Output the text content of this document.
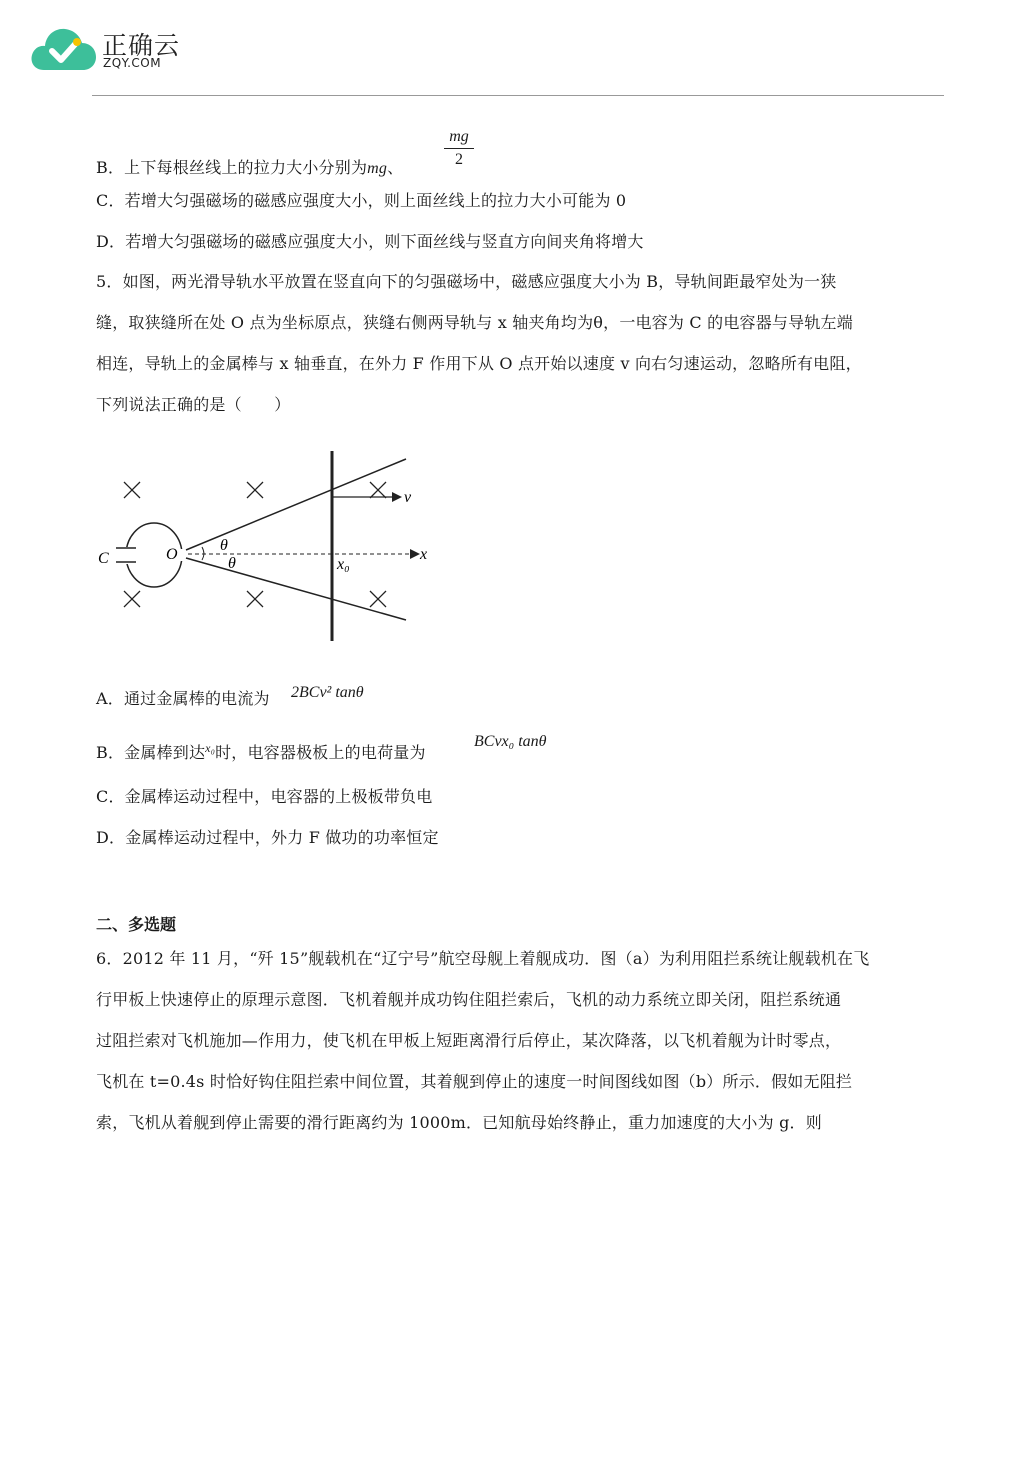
正确云
ZQY.COM
B．上下每根丝线上的拉力大小分别为mg、
mg
2
C．若增大匀强磁场的磁感应强度大小，则上面丝线上的拉力大小可能为 0
D．若增大匀强磁场的磁感应强度大小，则下面丝线与竖直方向间夹角将增大
5．如图，两光滑导轨水平放置在竖直向下的匀强磁场中，磁感应强度大小为 B，导轨间距最窄处为一狭
缝，取狭缝所在处 O 点为坐标原点，狭缝右侧两导轨与 x 轴夹角均为θ，一电容为 C 的电容器与导轨左端
相连，导轨上的金属棒与 x 轴垂直，在外力 F 作用下从 O 点开始以速度 v 向右匀速运动，忽略所有电阻，
下列说法正确的是（　　）
C	O	x
θ
θ	x₀
v
A．通过金属棒的电流为 2BCv² tanθ
B．金属棒到达$^{x_0}$时，电容器极板上的电荷量为
BCvx₀ tanθ
C．金属棒运动过程中，电容器的上极板带负电
D．金属棒运动过程中，外力 F 做功的功率恒定
二、多选题
6．2012 年 11 月，“歼 15”舰载机在“辽宁号”航空母舰上着舰成功．图（a）为利用阻拦系统让舰载机在飞
行甲板上快速停止的原理示意图．飞机着舰并成功钩住阻拦索后，飞机的动力系统立即关闭，阻拦系统通
过阻拦索对飞机施加—作用力，使飞机在甲板上短距离滑行后停止，某次降落，以飞机着舰为计时零点，
飞机在 t=0.4s 时恰好钩住阻拦索中间位置，其着舰到停止的速度一时间图线如图（b）所示．假如无阻拦
索，飞机从着舰到停止需要的滑行距离约为 1000m．已知航母始终静止，重力加速度的大小为 g．则
